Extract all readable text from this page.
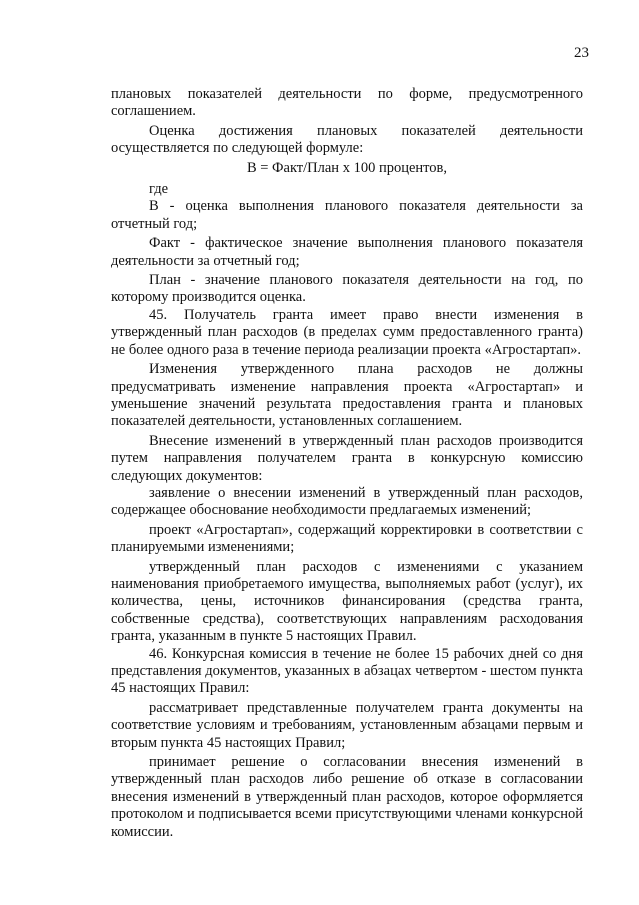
23

плановых показателей деятельности по форме, предусмотренного соглашением.

Оценка достижения плановых показателей деятельности осуществляется по следующей формуле:

В = Факт/План х 100 процентов,

где

В - оценка выполнения планового показателя деятельности за отчетный год;

Факт - фактическое значение выполнения планового показателя деятельности за отчетный год;

План - значение планового показателя деятельности на год, по которому производится оценка.

45. Получатель гранта имеет право внести изменения в утвержденный план расходов (в пределах сумм предоставленного гранта) не более одного раза в течение периода реализации проекта «Агростартап».

Изменения утвержденного плана расходов не должны предусматривать изменение направления проекта «Агростартап» и уменьшение значений результата предоставления гранта и плановых показателей деятельности, установленных соглашением.

Внесение изменений в утвержденный план расходов производится путем направления получателем гранта в конкурсную комиссию следующих документов:

заявление о внесении изменений в утвержденный план расходов, содержащее обоснование необходимости предлагаемых изменений;

проект «Агростартап», содержащий корректировки в соответствии с планируемыми изменениями;

утвержденный план расходов с изменениями с указанием наименования приобретаемого имущества, выполняемых работ (услуг), их количества, цены, источников финансирования (средства гранта, собственные средства), соответствующих направлениям расходования гранта, указанным в пункте 5 настоящих Правил.

46. Конкурсная комиссия в течение не более 15 рабочих дней со дня представления документов, указанных в абзацах четвертом - шестом пункта 45 настоящих Правил:

рассматривает представленные получателем гранта документы на соответствие условиям и требованиям, установленным абзацами первым и вторым пункта 45 настоящих Правил;

принимает решение о согласовании внесения изменений в утвержденный план расходов либо решение об отказе в согласовании внесения изменений в утвержденный план расходов, которое оформляется протоколом и подписывается всеми присутствующими членами конкурсной комиссии.
